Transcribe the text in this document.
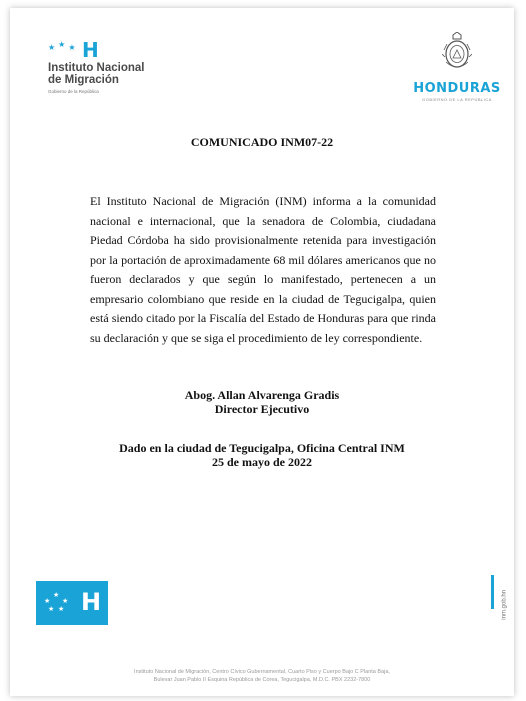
★ ★ ★ H
Instituto Nacional
de Migración
Gobierno de la República	HONDURAS
GOBIERNO DE LA REPÚBLICA
COMUNICADO INM07-22
El Instituto Nacional de Migración (INM) informa a la comunidad nacional e internacional, que la senadora de Colombia, ciudadana Piedad Córdoba ha sido provisionalmente retenida para investigación por la portación de aproximadamente 68 mil dólares americanos que no fueron declarados y que según lo manifestado, pertenecen a un empresario colombiano que reside en la ciudad de Tegucigalpa, quien está siendo citado por la Fiscalía del Estado de Honduras para que rinda su declaración y que se siga el procedimiento de ley correspondiente.
Abog. Allan Alvarenga Gradis
Director Ejecutivo
Dado en la ciudad de Tegucigalpa, Oficina Central INM
25 de mayo de 2022
★
★
★
★ ★ H	inm.gob.hn
Instituto Nacional de Migración, Centro Cívico Gubernamental, Cuarto Piso y Cuerpo Bajo C Planta Baja,
Bulevar Juan Pablo II Esquina República de Corea, Tegucigalpa, M.D.C. PBX 2232-7800
